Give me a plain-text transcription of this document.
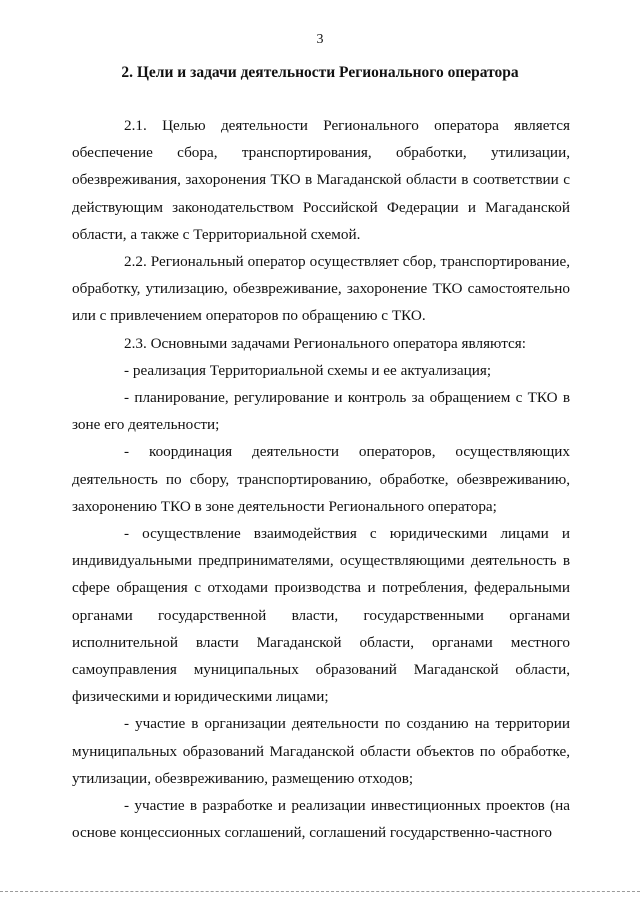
3
2. Цели и задачи деятельности Регионального оператора

2.1. Целью деятельности Регионального оператора является обеспечение сбора, транспортирования, обработки, утилизации, обезвреживания, захоронения ТКО в Магаданской области в соответствии с действующим законодательством Российской Федерации и Магаданской области, а также с Территориальной схемой.

2.2. Региональный оператор осуществляет сбор, транспортирование, обработку, утилизацию, обезвреживание, захоронение ТКО самостоятельно или с привлечением операторов по обращению с ТКО.

2.3. Основными задачами Регионального оператора являются:

- реализация Территориальной схемы и ее актуализация;

- планирование, регулирование и контроль за обращением с ТКО в зоне его деятельности;

- координация деятельности операторов, осуществляющих деятельность по сбору, транспортированию, обработке, обезвреживанию, захоронению ТКО в зоне деятельности Регионального оператора;

- осуществление взаимодействия с юридическими лицами и индивидуальными предпринимателями, осуществляющими деятельность в сфере обращения с отходами производства и потребления, федеральными органами государственной власти, государственными органами исполнительной власти Магаданской области, органами местного самоуправления муниципальных образований Магаданской области, физическими и юридическими лицами;

- участие в организации деятельности по созданию на территории муниципальных образований Магаданской области объектов по обработке, утилизации, обезвреживанию, размещению отходов;

- участие в разработке и реализации инвестиционных проектов (на основе концессионных соглашений, соглашений государственно-частного
